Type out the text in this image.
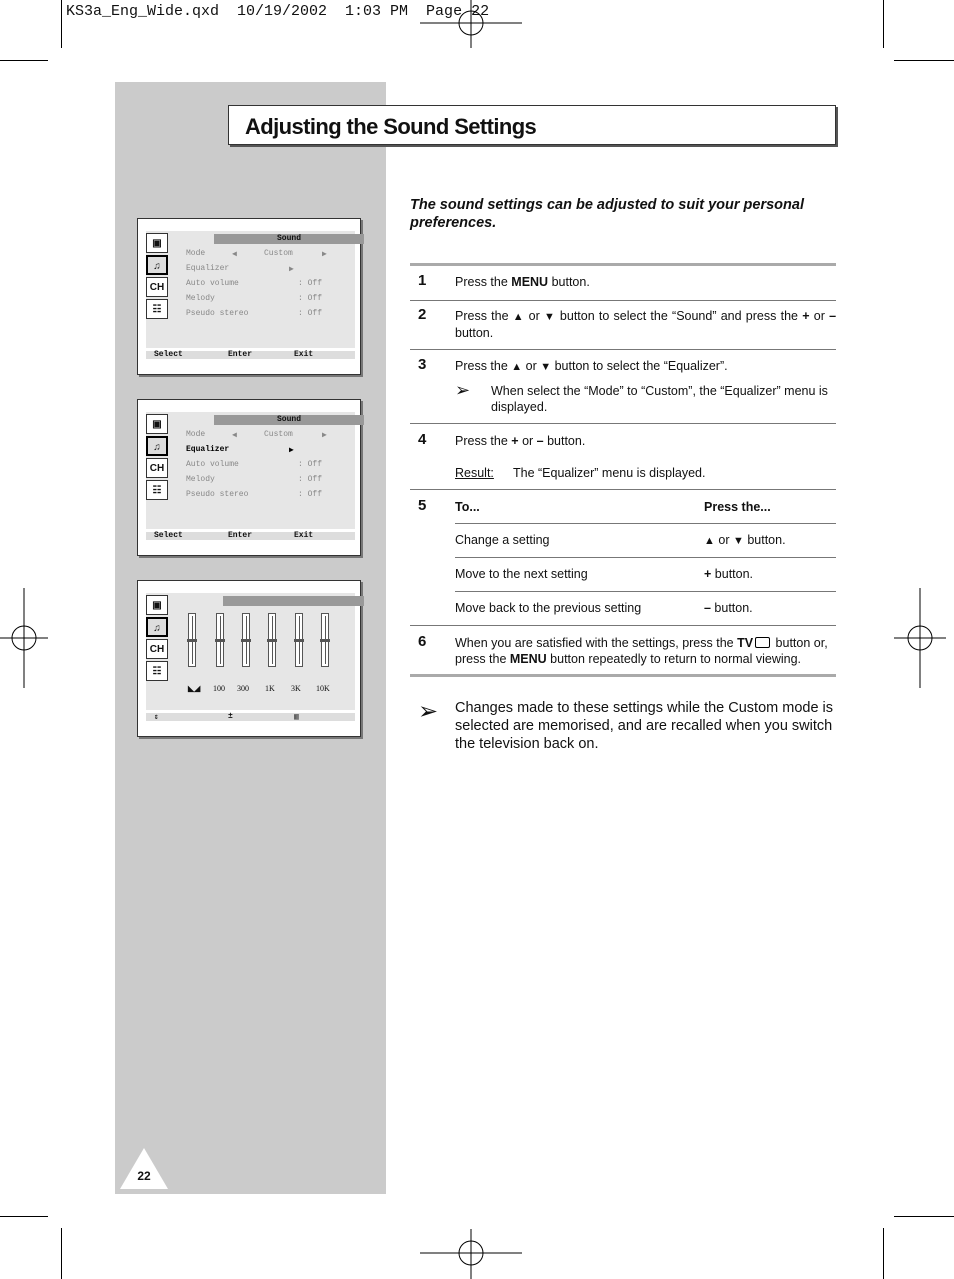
KS3a_Eng_Wide.qxd  10/19/2002  1:03 PM  Page 22
Adjusting the Sound Settings
Sound
Mode	◀	Custom	▶
Equalizer	▶
Auto volume	: Off
Melody	: Off
Pseudo stereo	: Off
▣
♫
CH
☷
Select	Enter	Exit
Sound
Mode	◀	Custom	▶
Equalizer	▶
Auto volume	: Off
Melody	: Off
Pseudo stereo	: Off
▣
♫
CH
☷
Select	Enter	Exit
◣◢ 100 300 1K 3K 10K
▣
♫
CH
☷
⇕	±	▥
The sound settings can be adjusted to suit your personal preferences.
1 Press the MENU button.
2 Press the ▲ or ▼ button to select the “Sound” and press the + or – button.
3 Press the ▲ or ▼ button to select the “Equalizer”.
➢ When select the “Mode” to “Custom”, the “Equalizer” menu is displayed.
4 Press the + or – button.
Result:	The “Equalizer” menu is displayed.
5 To...	Press the...
Change a setting	▲ or ▼ button.
Move to the next setting	+ button.
Move back to the previous setting	– button.
6 When you are satisfied with the settings, press the TV button or, press the MENU button repeatedly to return to normal viewing.
➢ Changes made to these settings while the Custom mode is selected are memorised, and are recalled when you switch the television back on.
22
